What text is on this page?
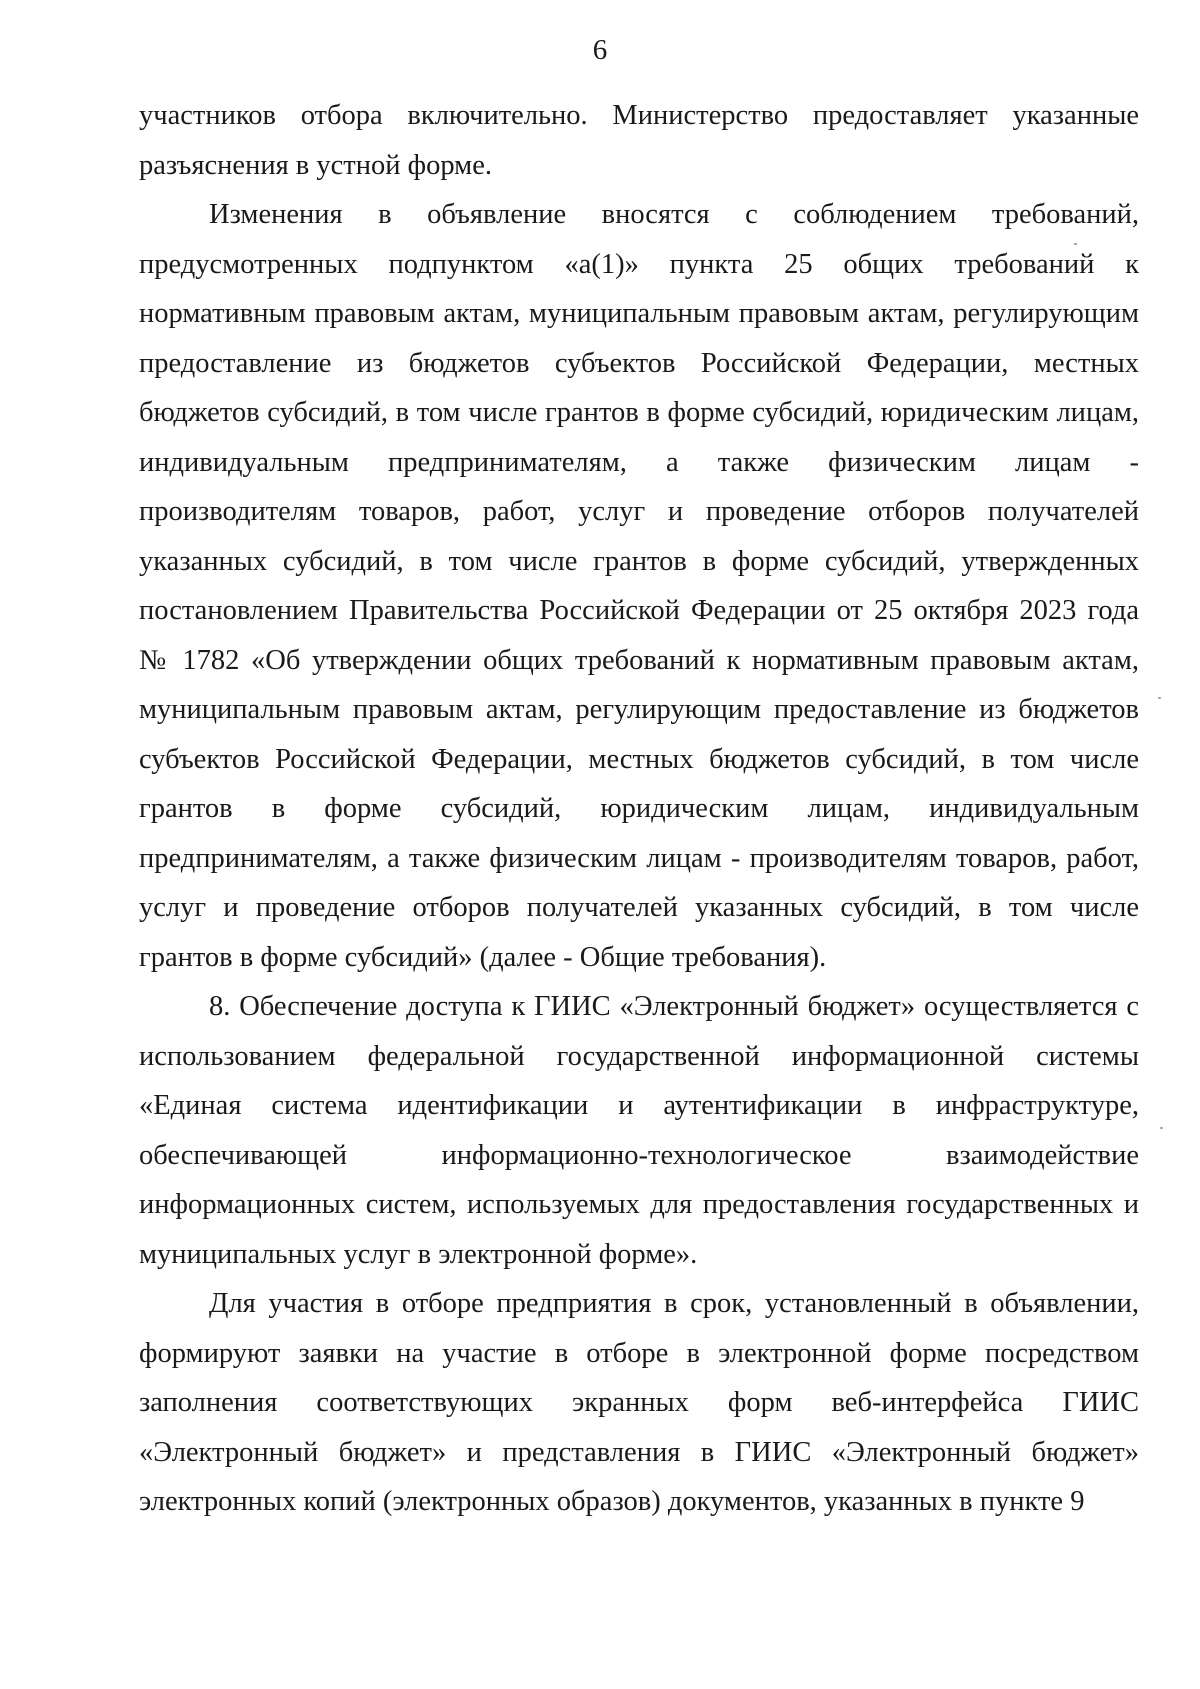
6

участников отбора включительно. Министерство предоставляет указанные разъяснения в устной форме.

Изменения в объявление вносятся с соблюдением требований, предусмотренных подпунктом «а(1)» пункта 25 общих требований к нормативным правовым актам, муниципальным правовым актам, регулирующим предоставление из бюджетов субъектов Российской Федерации, местных бюджетов субсидий, в том числе грантов в форме субсидий, юридическим лицам, индивидуальным предпринимателям, а также физическим лицам - производителям товаров, работ, услуг и проведение отборов получателей указанных субсидий, в том числе грантов в форме субсидий, утвержденных постановлением Правительства Российской Федерации от 25 октября 2023 года № 1782 «Об утверждении общих требований к нормативным правовым актам, муниципальным правовым актам, регулирующим предоставление из бюджетов субъектов Российской Федерации, местных бюджетов субсидий, в том числе грантов в форме субсидий, юридическим лицам, индивидуальным предпринимателям, а также физическим лицам - производителям товаров, работ, услуг и проведение отборов получателей указанных субсидий, в том числе грантов в форме субсидий» (далее - Общие требования).

8. Обеспечение доступа к ГИИС «Электронный бюджет» осуществляется с использованием федеральной государственной информационной системы «Единая система идентификации и аутентификации в инфраструктуре, обеспечивающей информационно-технологическое взаимодействие информационных систем, используемых для предоставления государственных и муниципальных услуг в электронной форме».

Для участия в отборе предприятия в срок, установленный в объявлении, формируют заявки на участие в отборе в электронной форме посредством заполнения соответствующих экранных форм веб-интерфейса ГИИС «Электронный бюджет» и представления в ГИИС «Электронный бюджет» электронных копий (электронных образов) документов, указанных в пункте 9
